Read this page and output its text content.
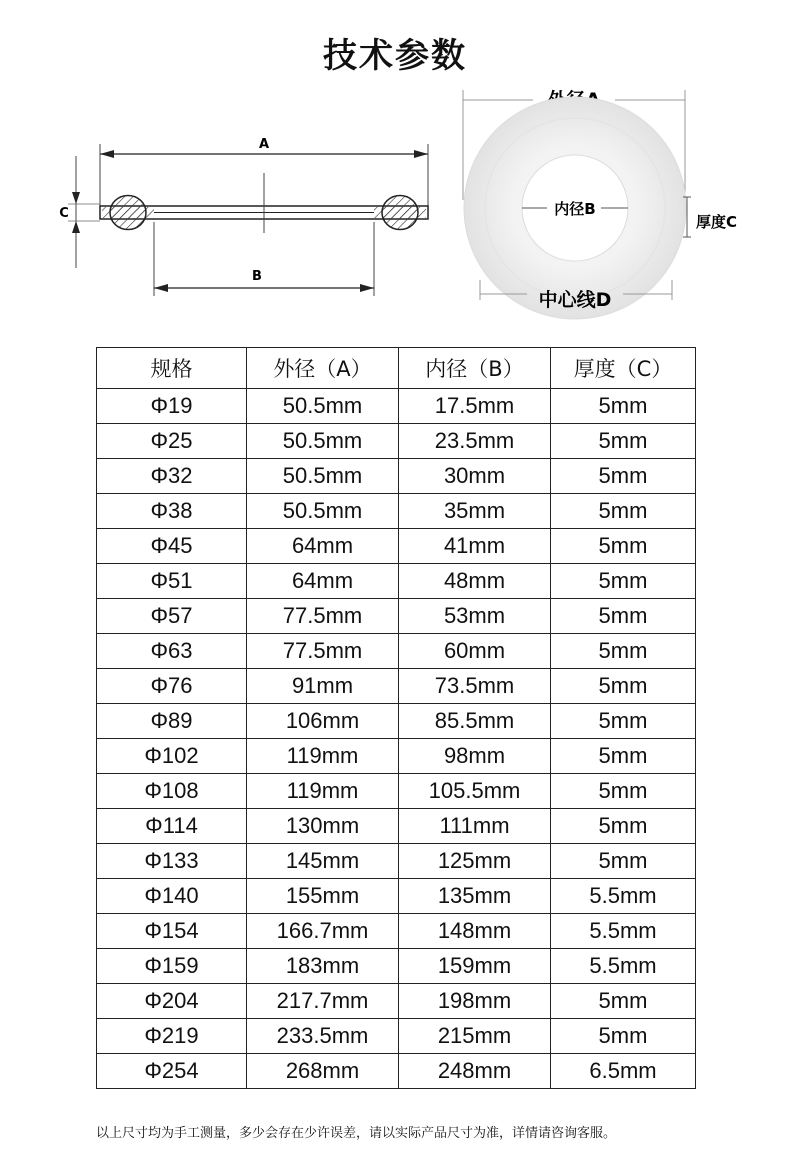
技术参数
A
B
C	内径B
厚度C
中心线D
规格	外径（A）	内径（B）	厚度（C）
Φ19	50.5mm	17.5mm	5mm
Φ25	50.5mm	23.5mm	5mm
Φ32	50.5mm	30mm	5mm
Φ38	50.5mm	35mm	5mm
Φ45	64mm	41mm	5mm
Φ51	64mm	48mm	5mm
Φ57	77.5mm	53mm	5mm
Φ63	77.5mm	60mm	5mm
Φ76	91mm	73.5mm	5mm
Φ89	106mm	85.5mm	5mm
Φ102	119mm	98mm	5mm
Φ108	119mm	105.5mm	5mm
Φ114	130mm	111mm	5mm
Φ133	145mm	125mm	5mm
Φ140	155mm	135mm	5.5mm
Φ154	166.7mm	148mm	5.5mm
Φ159	183mm	159mm	5.5mm
Φ204	217.7mm	198mm	5mm
Φ219	233.5mm	215mm	5mm
Φ254	268mm	248mm	6.5mm
以上尺寸均为手工测量，多少会存在少许误差，请以实际产品尺寸为准，详情请咨询客服。
